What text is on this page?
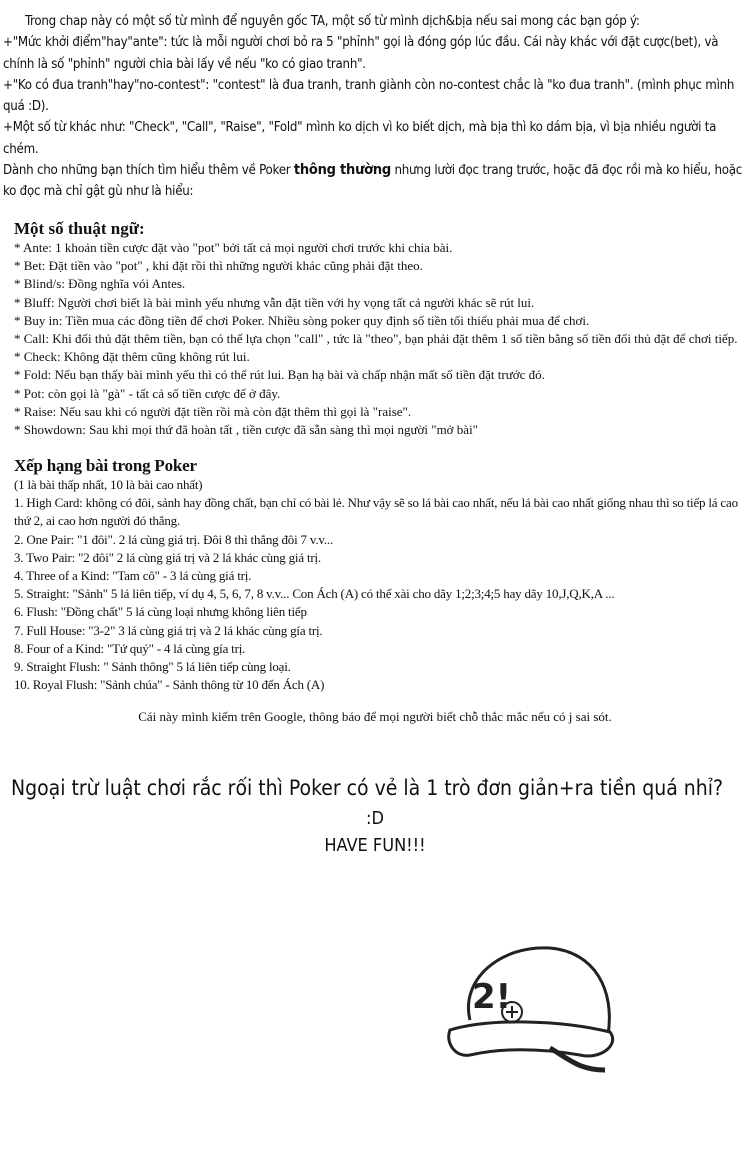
Trong chap này có một số từ mình để nguyên gốc TA, một số từ mình dịch&bịa nếu sai mong các bạn góp ý:

+"Mức khởi điểm"hay"ante": tức là mỗi người chơi bỏ ra 5 "phỉnh" gọi là đóng góp lúc đầu. Cái này khác với đặt cược(bet), và chính là số "phỉnh" người chia bài lấy về nếu "ko có giao tranh".

+"Ko có đua tranh"hay"no-contest": "contest" là đua tranh, tranh giành còn no-contest chắc là "ko đua tranh". (mình phục mình quá :D).

+Một số từ khác như: "Check", "Call", "Raise", "Fold" mình ko dịch vì ko biết dịch, mà bịa thì ko dám bịa, vì bịa nhiều người ta chém.

Dành cho những bạn thích tìm hiểu thêm về Poker thông thường nhưng lười đọc trang trước, hoặc đã đọc rồi mà ko hiểu, hoặc ko đọc mà chỉ gật gù như là hiểu:

Một số thuật ngữ:
* Ante: 1 khoản tiền cược đặt vào "pot" bởi tất cả mọi người chơi trước khi chia bài.
* Bet: Đặt tiền vào "pot" , khi đặt rồi thì những người khác cũng phải đặt theo.
* Blind/s: Đồng nghĩa vói Antes.
* Bluff: Người chơi biết là bài mình yếu nhưng vẫn đặt tiền với hy vọng tất cả người khác sẽ rút lui.
* Buy in: Tiền mua các đồng tiền để chơi Poker. Nhiều sòng poker quy định số tiền tối thiểu phải mua để chơi.
* Call: Khi đối thủ đặt thêm tiền, bạn có thể lựa chọn "call" , tức là "theo", bạn phải đặt thêm 1 số tiền bằng số tiền đối thủ đặt để chơi tiếp.
* Check: Không đặt thêm cũng không rút lui.
* Fold: Nếu bạn thấy bài mình yếu thì có thể rút lui. Bạn hạ bài và chấp nhận mất số tiền đặt trước đó.
* Pot: còn gọi là "gà" - tất cả số tiền cược để ở đây.
* Raise: Nếu sau khi có người đặt tiền rồi mà còn đặt thêm thì gọi là "raise".
* Showdown: Sau khi mọi thứ đã hoàn tất , tiền cược đã sẵn sàng thì mọi người "mở bài"
Xếp hạng bài trong Poker
(1 là bài thấp nhất, 10 là bài cao nhất)
1. High Card: không có đôi, sảnh hay đồng chất, bạn chỉ có bài lẻ. Như vậy sẽ so lá bài cao nhất, nếu lá bài cao nhất giống nhau thì so tiếp lá cao thứ 2, ai cao hơn người đó thắng.
2. One Pair: "1 đôi". 2 lá cùng giá trị. Đôi 8 thì thắng đôi 7 v.v...
3. Two Pair: "2 đôi" 2 lá cùng giá trị và 2 lá khác cùng giá trị.
4. Three of a Kind: "Tam cô" - 3 lá cùng giá trị.
5. Straight: "Sảnh" 5 lá liên tiếp, ví dụ 4, 5, 6, 7, 8 v.v... Con Ách (A) có thể xài cho dãy 1;2;3;4;5 hay dãy 10,J,Q,K,A ...
6. Flush: "Đồng chất" 5 lá cùng loại nhưng không liên tiếp
7. Full House: "3-2" 3 lá cùng giá trị và 2 lá khác cùng gía trị.
8. Four of a Kind: "Tứ quý" - 4 lá cùng gía trị.
9. Straight Flush: " Sảnh thông" 5 lá liên tiếp cùng loại.
10. Royal Flush: "Sảnh chúa" - Sảnh thông từ 10 đến Ách (A)
Cái này mình kiếm trên Google, thông báo để mọi người biết chỗ thắc mắc nếu có j sai sót.
Ngoại trừ luật chơi rắc rối thì Poker có vẻ là 1 trò đơn giản+ra tiền quá nhỉ?
:D
HAVE FUN!!!
2!
